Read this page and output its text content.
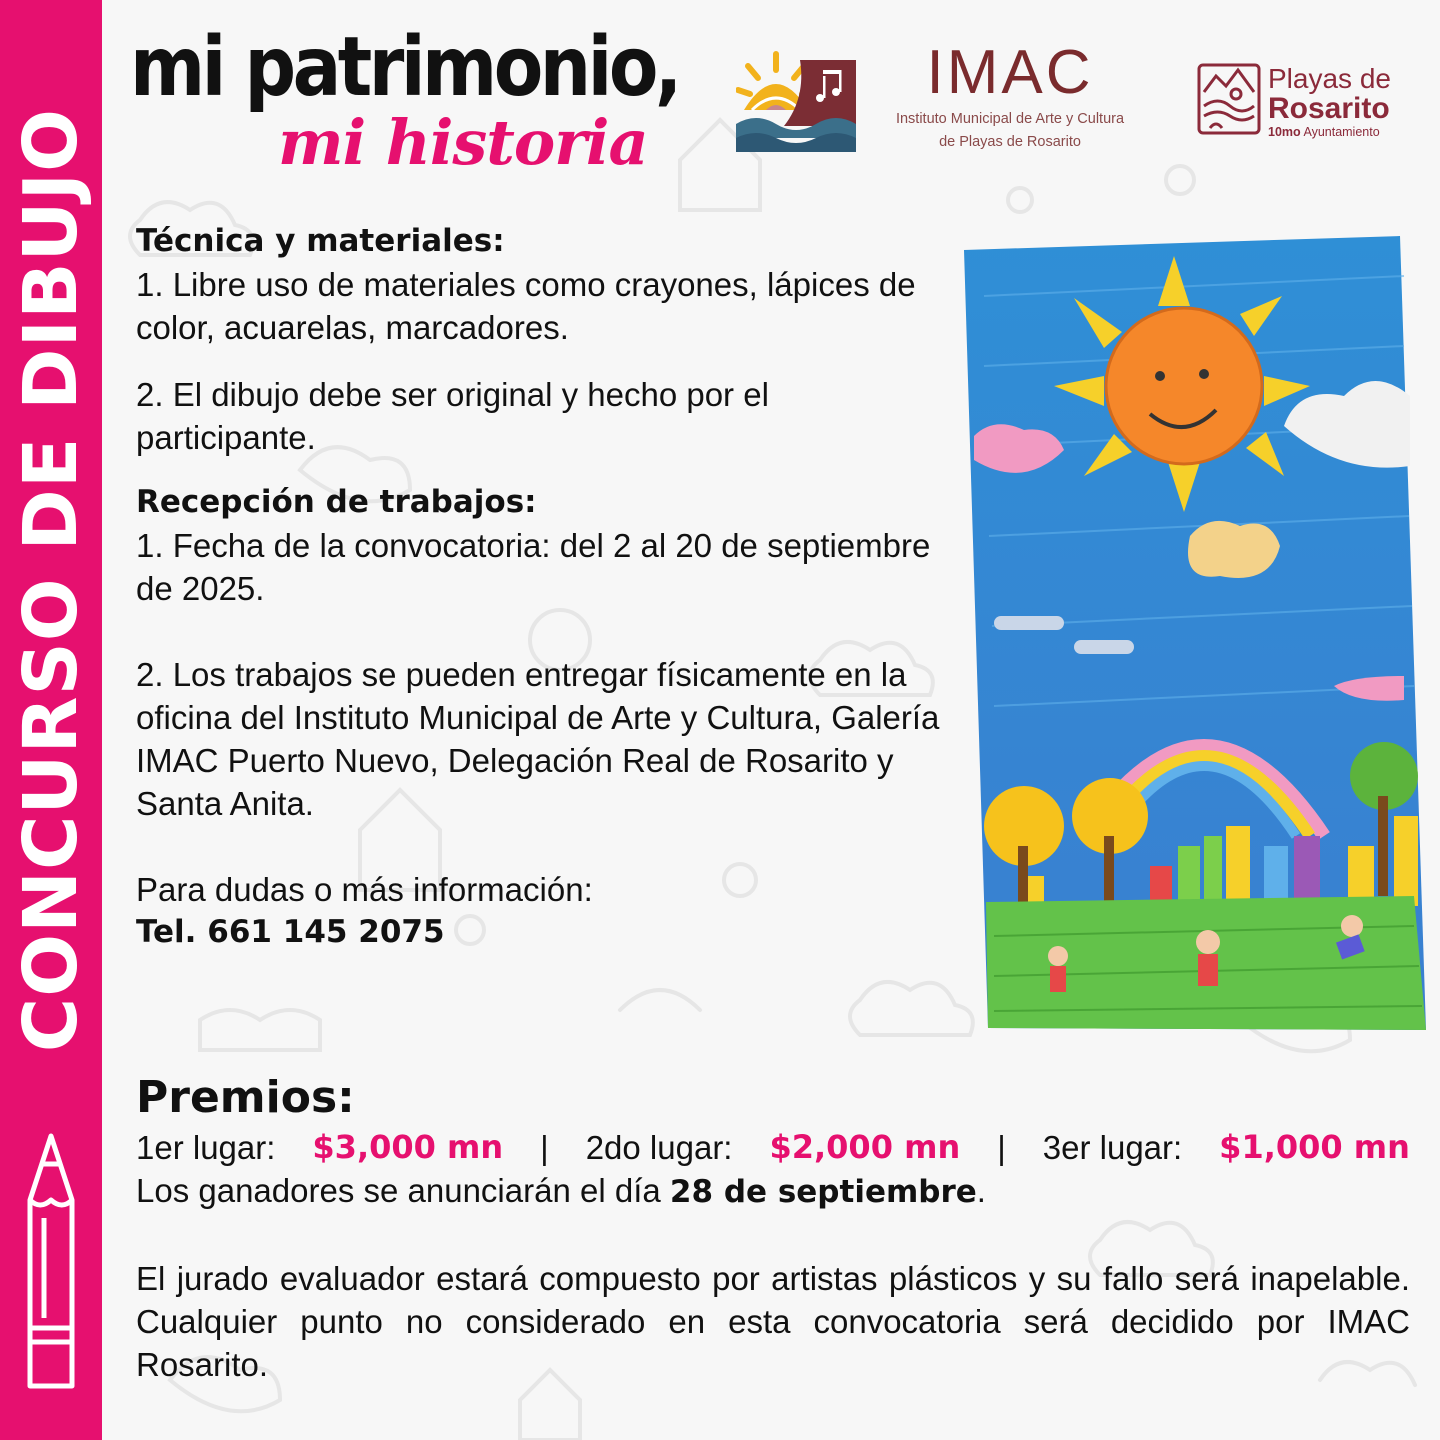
CONCURSO DE DIBUJO
mi patrimonio,
mi historia
IMAC
Instituto Municipal de Arte y Cultura
de Playas de Rosarito
Playas de
Rosarito
10mo Ayuntamiento

Técnica y materiales:

1. Libre uso de materiales como crayones, lápices de color, acuarelas, marcadores.

2. El dibujo debe ser original y hecho por el participante.

Recepción de trabajos:

1. Fecha de la convocatoria: del 2 al 20 de septiembre de 2025.

2. Los trabajos se pueden entregar físicamente en la oficina del Instituto Municipal de Arte y Cultura, Galería IMAC Puerto Nuevo, Delegación Real de Rosarito y Santa Anita.

Para dudas o más información:

Tel. 661 145 2075

Premios:
1er lugar: $3,000 mn | 2do lugar: $2,000 mn | 3er lugar: $1,000 mn
Los ganadores se anunciarán el día 28 de septiembre.
El jurado evaluador estará compuesto por artistas plásticos y su fallo será inapelable. Cualquier punto no considerado en esta convocatoria será decidido por IMAC Rosarito.
